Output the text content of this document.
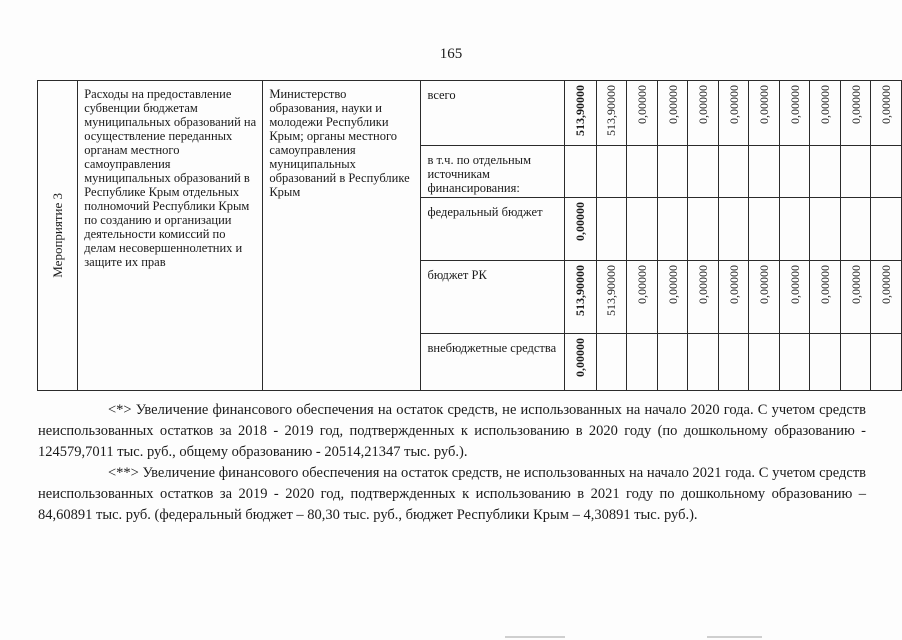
165
Мероприятие 3	Расходы на предоставление субвенции бюджетам муниципальных образований на осуществление переданных органам местного самоуправления муниципальных образований в Республике Крым отдельных полномочий Республики Крым по созданию и организации деятельности комиссий по делам несовершеннолетних и защите их прав	Министерство образования, науки и молодежи Республики Крым; органы местного самоуправления муниципальных образований в Республике Крым	всего	513,90000	513,90000	0,00000	0,00000	0,00000	0,00000	0,00000	0,00000	0,00000	0,00000	0,00000

			в т.ч. по отдельным источникам финансирования:											
			федеральный бюджет	0,00000										

			бюджет РК	513,90000	513,90000	0,00000	0,00000	0,00000	0,00000	0,00000	0,00000	0,00000	0,00000	0,00000

			внебюджетные средства	0,00000										

<*> Увеличение финансового обеспечения на остаток средств, не использованных на начало 2020 года. С учетом средств неиспользованных остатков за 2018 - 2019 год, подтвержденных к использованию в 2020 году (по дошкольному образованию - 124579,7011 тыс. руб., общему образованию - 20514,21347 тыс. руб.).

<**> Увеличение финансового обеспечения на остаток средств, не использованных на начало 2021 года. С учетом средств неиспользованных остатков за 2019 - 2020 год, подтвержденных к использованию в 2021 году по дошкольному образованию – 84,60891 тыс. руб. (федеральный бюджет – 80,30 тыс. руб., бюджет Республики Крым – 4,30891 тыс. руб.).
